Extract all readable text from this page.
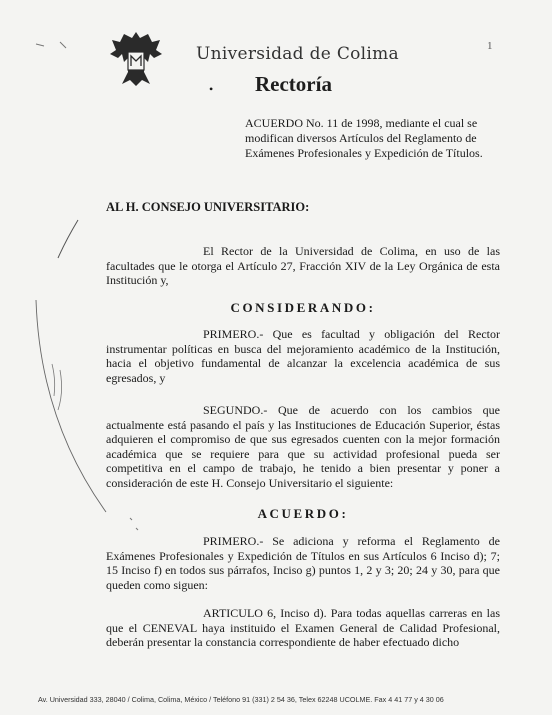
Universidad de Colima
• Rectoría
1
ACUERDO No. 11 de 1998, mediante el cual se modifican diversos Artículos del Reglamento de Exámenes Profesionales y Expedición de Títulos.
AL H. CONSEJO UNIVERSITARIO:
El Rector de la Universidad de Colima, en uso de las facultades que le otorga el Artículo 27, Fracción XIV de la Ley Orgánica de esta Institución y,
CONSIDERANDO:
PRIMERO.- Que es facultad y obligación del Rector instrumentar políticas en busca del mejoramiento académico de la Institución, hacia el objetivo fundamental de alcanzar la excelencia académica de sus egresados, y
SEGUNDO.- Que de acuerdo con los cambios que actualmente está pasando el país y las Instituciones de Educación Superior, éstas adquieren el compromiso de que sus egresados cuenten con la mejor formación académica que se requiere para que su actividad profesional pueda ser competitiva en el campo de trabajo, he tenido a bien presentar y poner a consideración de este H. Consejo Universitario el siguiente:
ACUERDO:
PRIMERO.- Se adiciona y reforma el Reglamento de Exámenes Profesionales y Expedición de Títulos en sus Artículos 6 Inciso d); 7; 15 Inciso f) en todos sus párrafos, Inciso g) puntos 1, 2 y 3; 20; 24 y 30, para que queden como siguen:
ARTICULO 6, Inciso d). Para todas aquellas carreras en las que el CENEVAL haya instituido el Examen General de Calidad Profesional, deberán presentar la constancia correspondiente de haber efectuado dicho
Av. Universidad 333, 28040 / Colima, Colima, México / Teléfono 91 (331) 2 54 36, Telex 62248 UCOLME. Fax 4 41 77 y 4 30 06
